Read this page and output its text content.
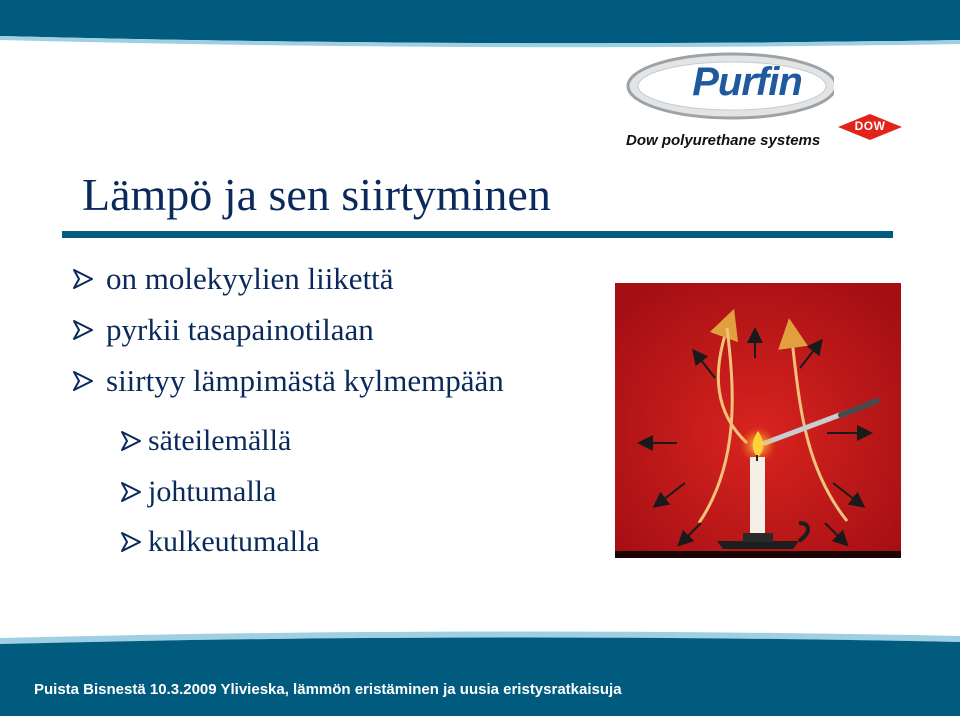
Purfin
DOW
Dow polyurethane systems
Lämpö ja sen siirtyminen
on molekyylien liikettä
pyrkii tasapainotilaan
siirtyy lämpimästä kylmempään
säteilemällä
johtumalla
kulkeutumalla
Puista Bisnestä 10.3.2009 Ylivieska, lämmön eristäminen ja uusia eristysratkaisuja
